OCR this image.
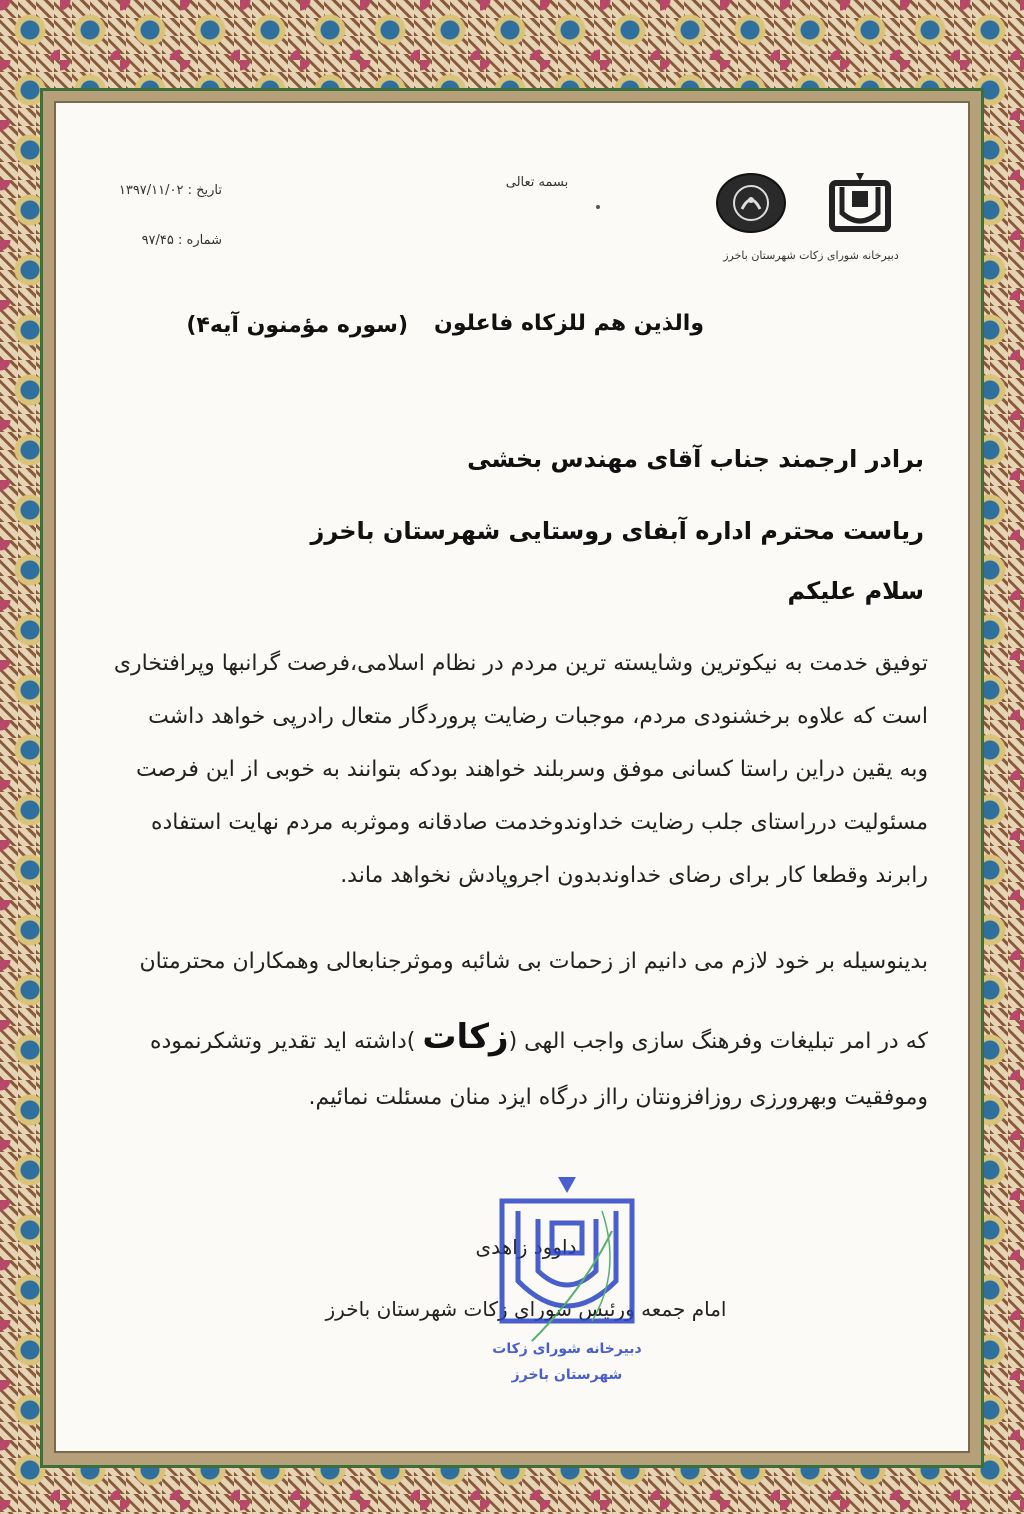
تاریخ : ۱۳۹۷/۱۱/۰۲
شماره : ۹۷/۴۵
بسمه تعالی
دبیرخانه شورای زکات شهرستان باخرز
والذین هم للزکاه فاعلون
(سوره مؤمنون آیه۴)
برادر ارجمند جناب آقای مهندس بخشی
ریاست محترم اداره آبفای روستایی شهرستان باخرز
سلام علیکم
توفیق خدمت به نیکوترین وشایسته ترین مردم در نظام اسلامی،فرصت گرانبها وپرافتخاری
است که علاوه برخشنودی مردم، موجبات رضایت پروردگار متعال رادرپی خواهد داشت
وبه یقین دراین راستا کسانی موفق وسربلند خواهند بودکه بتوانند به خوبی از این فرصت
مسئولیت درراستای جلب رضایت خداوندوخدمت صادقانه وموثربه مردم نهایت استفاده
رابرند وقطعا کار برای رضای خداوندبدون اجروپادش نخواهد ماند.
بدینوسیله بر خود لازم می دانیم از زحمات بی شائبه وموثرجنابعالی وهمکاران محترمتان
که در امر تبلیغات وفرهنگ سازی واجب الهی (زکات )داشته اید تقدیر وتشکرنموده
وموفقیت وبهرورزی روزافزونتان رااز درگاه ایزد منان مسئلت نمائیم.
داوود زاهدی
امام جمعه ورئیس شورای زکات شهرستان باخرز
دبیرخانه شورای زکات
شهرستان باخرز
